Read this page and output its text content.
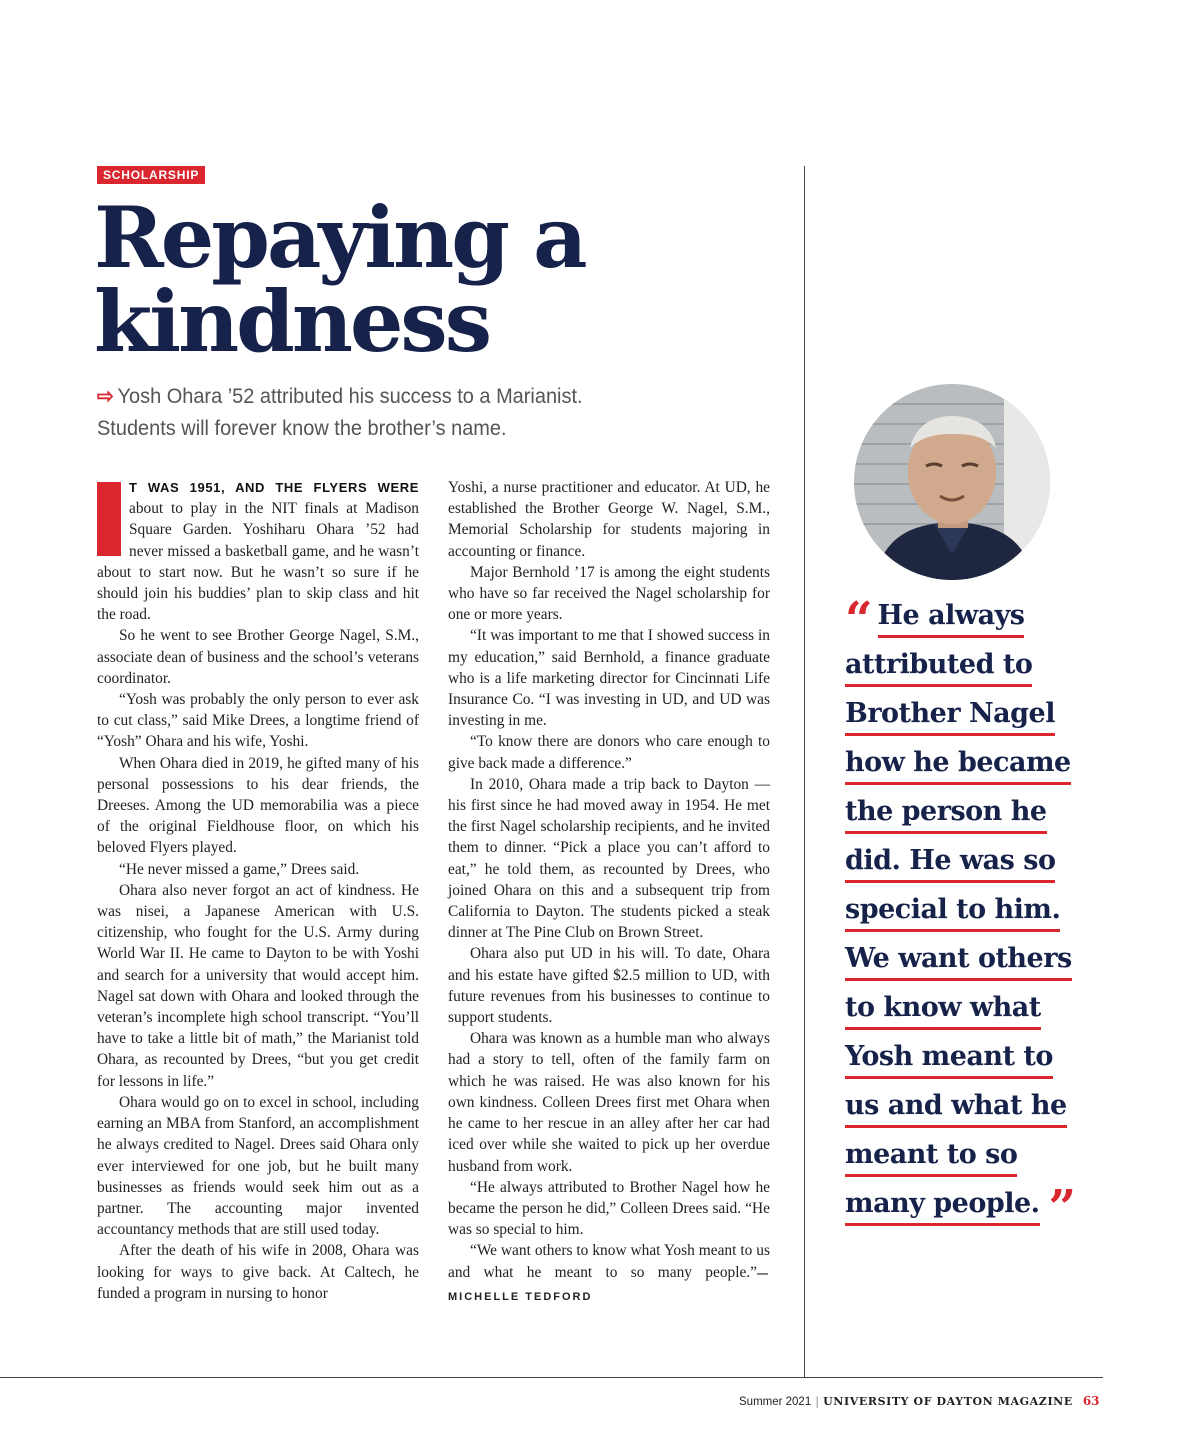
SCHOLARSHIP
Repaying a
kindness
⇨ Yosh Ohara ’52 attributed his success to a Marianist.
Students will forever know the brother’s name.

T WAS 1951, AND THE FLYERS WERE about to play in the NIT finals at Madison Square Garden. Yoshiharu Ohara ’52 had never missed a basketball game, and he wasn’t about to start now. But he wasn’t so sure if he should join his buddies’ plan to skip class and hit the road.

So he went to see Brother George Nagel, S.M., associate dean of business and the school’s veterans coordinator.

“Yosh was probably the only person to ever ask to cut class,” said Mike Drees, a longtime friend of “Yosh” Ohara and his wife, Yoshi.

When Ohara died in 2019, he gifted many of his personal possessions to his dear friends, the Dreeses. Among the UD memorabilia was a piece of the original Fieldhouse floor, on which his beloved Flyers played.

“He never missed a game,” Drees said.

Ohara also never forgot an act of kindness. He was nisei, a Japanese American with U.S. citizenship, who fought for the U.S. Army during World War II. He came to Dayton to be with Yoshi and search for a university that would accept him. Nagel sat down with Ohara and looked through the veteran’s incomplete high school transcript. “You’ll have to take a little bit of math,” the Marianist told Ohara, as recounted by Drees, “but you get credit for lessons in life.”

Ohara would go on to excel in school, including earning an MBA from Stanford, an accomplishment he always credited to Nagel. Drees said Ohara only ever interviewed for one job, but he built many businesses as friends would seek him out as a partner. The accounting major invented accountancy methods that are still used today.

After the death of his wife in 2008, Ohara was looking for ways to give back. At Caltech, he funded a program in nursing to honor

Yoshi, a nurse practitioner and educator. At UD, he established the Brother George W. Nagel, S.M., Memorial Scholarship for students majoring in accounting or finance.

Major Bernhold ’17 is among the eight students who have so far received the Nagel scholarship for one or more years.

“It was important to me that I showed success in my education,” said Bernhold, a finance graduate who is a life marketing director for Cincinnati Life Insurance Co. “I was investing in UD, and UD was investing in me.

“To know there are donors who care enough to give back made a difference.”

In 2010, Ohara made a trip back to Dayton — his first since he had moved away in 1954. He met the first Nagel scholarship recipients, and he invited them to dinner. “Pick a place you can’t afford to eat,” he told them, as recounted by Drees, who joined Ohara on this and a subsequent trip from California to Dayton. The students picked a steak dinner at The Pine Club on Brown Street.

Ohara also put UD in his will. To date, Ohara and his estate have gifted $2.5 million to UD, with future revenues from his businesses to continue to support students.

Ohara was known as a humble man who always had a story to tell, often of the family farm on which he was raised. He was also known for his own kindness. Colleen Drees first met Ohara when he came to her rescue in an alley after her car had iced over while she waited to pick up her overdue husband from work.

“He always attributed to Brother Nagel how he became the person he did,” Colleen Drees said. “He was so special to him.

“We want others to know what Yosh meant to us and what he meant to so many people.”—MICHELLE TEDFORD

“ He always
attributed to
Brother Nagel
how he became
the person he
did. He was so
special to him.
We want others
to know what
Yosh meant to
us and what he
meant to so
many people. ”
Summer 2021 | UNIVERSITY OF DAYTON MAGAZINE 63
